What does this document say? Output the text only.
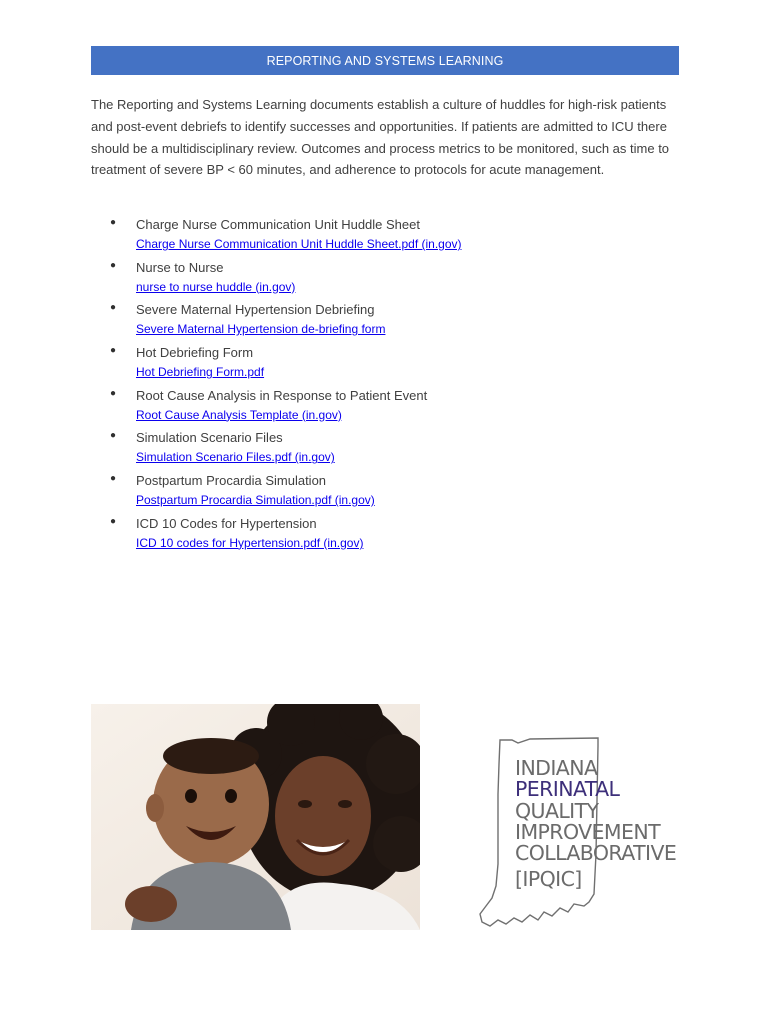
REPORTING AND SYSTEMS LEARNING

The Reporting and Systems Learning documents establish a culture of huddles for high-risk patients and post-event debriefs to identify successes and opportunities. If patients are admitted to ICU there should be a multidisciplinary review. Outcomes and process metrics to be monitored, such as time to treatment of severe BP < 60 minutes, and adherence to protocols for acute management.

● Charge Nurse Communication Unit Huddle Sheet
Charge Nurse Communication Unit Huddle Sheet.pdf (in.gov)
● Nurse to Nurse
nurse to nurse huddle (in.gov)
● Severe Maternal Hypertension Debriefing
Severe Maternal Hypertension de-briefing form
● Hot Debriefing Form
Hot Debriefing Form.pdf
● Root Cause Analysis in Response to Patient Event
Root Cause Analysis Template (in.gov)
● Simulation Scenario Files
Simulation Scenario Files.pdf (in.gov)
● Postpartum Procardia Simulation
Postpartum Procardia Simulation.pdf (in.gov)
● ICD 10 Codes for Hypertension
ICD 10 codes for Hypertension.pdf (in.gov)
INDIANA
PERINATAL
QUALITY
IMPROVEMENT
COLLABORATIVE
[IPQIC]
